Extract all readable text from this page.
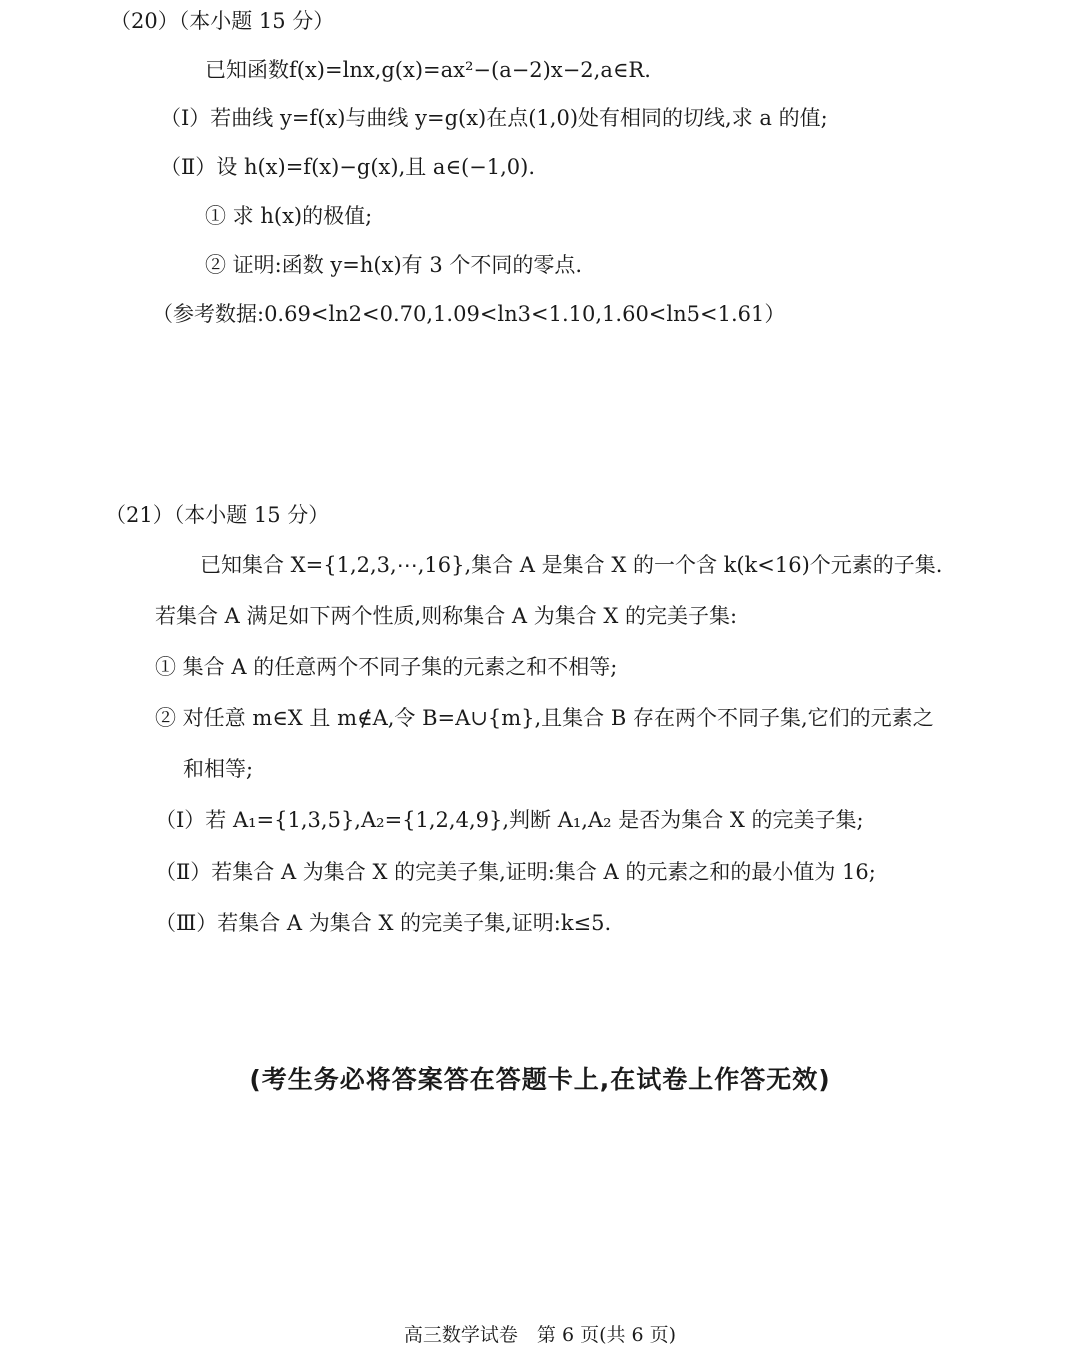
（20）（本小题 15 分）
已知函数f(x)=lnx,g(x)=ax²−(a−2)x−2,a∈R.
（Ⅰ）若曲线 y=f(x)与曲线 y=g(x)在点(1,0)处有相同的切线,求 a 的值;
（Ⅱ）设 h(x)=f(x)−g(x),且 a∈(−1,0).
① 求 h(x)的极值;
② 证明:函数 y=h(x)有 3 个不同的零点.
（参考数据:0.69<ln2<0.70,1.09<ln3<1.10,1.60<ln5<1.61）
（21）（本小题 15 分）
已知集合 X={1,2,3,⋯,16},集合 A 是集合 X 的一个含 k(k<16)个元素的子集.
若集合 A 满足如下两个性质,则称集合 A 为集合 X 的完美子集:
① 集合 A 的任意两个不同子集的元素之和不相等;
② 对任意 m∈X 且 m∉A,令 B=A∪{m},且集合 B 存在两个不同子集,它们的元素之
和相等;
（Ⅰ）若 A₁={1,3,5},A₂={1,2,4,9},判断 A₁,A₂ 是否为集合 X 的完美子集;
（Ⅱ）若集合 A 为集合 X 的完美子集,证明:集合 A 的元素之和的最小值为 16;
（Ⅲ）若集合 A 为集合 X 的完美子集,证明:k≤5.
(考生务必将答案答在答题卡上,在试卷上作答无效)
高三数学试卷　第 6 页(共 6 页)
